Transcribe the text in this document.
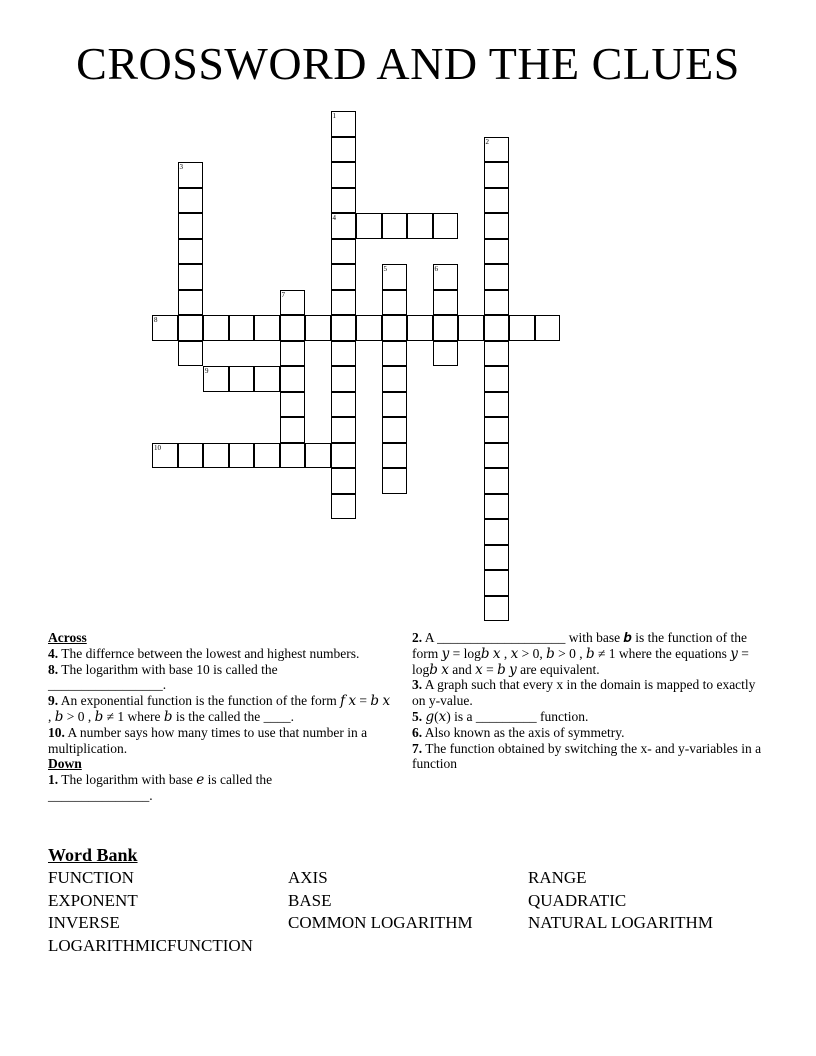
CROSSWORD AND THE CLUES
1
2
3
4
5	6
7
8
9
10
Across

4. The differnce between the lowest and highest numbers.

8. The logarithm with base 10 is called the
_________________.

9. An exponential function is the function of the form 𝑓 𝑥 = 𝑏 𝑥 , 𝑏 > 0 , 𝑏 ≠ 1 where 𝑏 is the called the ____.

10. A number says how many times to use that number in a multiplication.

Down

1. The logarithm with base 𝑒 is called the
_______________.

2. A ___________________ with base 𝒃 is the function of the form 𝑦 = log𝑏 𝑥 , 𝑥 > 0, 𝑏 > 0 , 𝑏 ≠ 1 where the equations 𝑦 = log𝑏 𝑥 and 𝑥 = 𝑏 𝑦 are equivalent.

3. A graph such that every x in the domain is mapped to exactly on y-value.

5. 𝑔(𝑥) is a _________ function.

6. Also known as the axis of symmetry.

7. The function obtained by switching the x- and y-variables in a function

Word Bank
FUNCTION	AXIS	RANGE
EXPONENT	BASE	QUADRATIC
INVERSE	COMMON LOGARITHM	NATURAL LOGARITHM
LOGARITHMICFUNCTION
